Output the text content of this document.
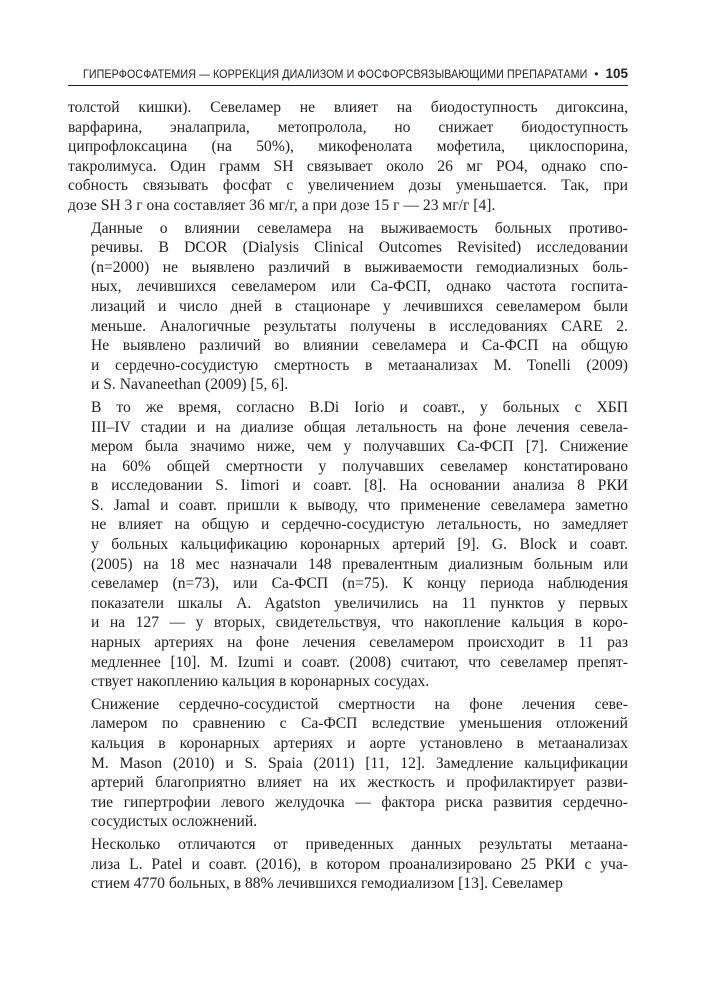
ГИПЕРФОСФАТЕМИЯ — КОРРЕКЦИЯ ДИАЛИЗОМ И ФОСФОРСВЯЗЫВАЮЩИМИ ПРЕПАРАТАМИ • 105
толстой кишки). Севеламер не влияет на биодоступность дигоксина,
варфарина, эналаприла, метопролола, но снижает биодоступность
ципрофлоксацина (на 50%), микофенолата мофетила, циклоспорина,
такролимуса. Один грамм SH связывает около 26 мг PO4, однако спо-
собность связывать фосфат с увеличением дозы уменьшается. Так, при
дозе SH 3 г она составляет 36 мг/г, а при дозе 15 г — 23 мг/г [4].
Данные о влиянии севеламера на выживаемость больных противо-
речивы. В DCOR (Dialysis Clinical Outcomes Revisited) исследовании
(n=2000) не выявлено различий в выживаемости гемодиализных боль-
ных, лечившихся севеламером или Са-ФСП, однако частота госпита-
лизаций и число дней в стационаре у лечившихся севеламером были
меньше. Аналогичные результаты получены в исследованиях CARE 2.
Не выявлено различий во влиянии севеламера и Са-ФСП на общую
и сердечно-сосудистую смертность в метаанализах M. Tonelli (2009)
и S. Navaneethan (2009) [5, 6].
В то же время, согласно B.Di Iorio и соавт., у больных с ХБП
III–IV стадии и на диализе общая летальность на фоне лечения севела-
мером была значимо ниже, чем у получавших Са-ФСП [7]. Снижение
на 60% общей смертности у получавших севеламер констатировано
в исследовании S. Iimori и соавт. [8]. На основании анализа 8 РКИ
S. Jamal и соавт. пришли к выводу, что применение севеламера заметно
не влияет на общую и сердечно-сосудистую летальность, но замедляет
у больных кальцификацию коронарных артерий [9]. G. Block и соавт.
(2005) на 18 мес назначали 148 превалентным диализным больным или
севеламер (n=73), или Са-ФСП (n=75). К концу периода наблюдения
показатели шкалы A. Agatston увеличились на 11 пунктов у первых
и на 127 — у вторых, свидетельствуя, что накопление кальция в коро-
нарных артериях на фоне лечения севеламером происходит в 11 раз
медленнее [10]. M. Izumi и соавт. (2008) считают, что севеламер препят-
ствует накоплению кальция в коронарных сосудах.
Снижение сердечно-сосудистой смертности на фоне лечения севе-
ламером по сравнению с Са-ФСП вследствие уменьшения отложений
кальция в коронарных артериях и аорте установлено в метаанализах
M. Mason (2010) и S. Spaia (2011) [11, 12]. Замедление кальцификации
артерий благоприятно влияет на их жесткость и профилактирует разви-
тие гипертрофии левого желудочка — фактора риска развития сердечно-
сосудистых осложнений.
Несколько отличаются от приведенных данных результаты метаана-
лиза L. Patel и соавт. (2016), в котором проанализировано 25 РКИ с уча-
стием 4770 больных, в 88% лечившихся гемодиализом [13]. Севеламер
